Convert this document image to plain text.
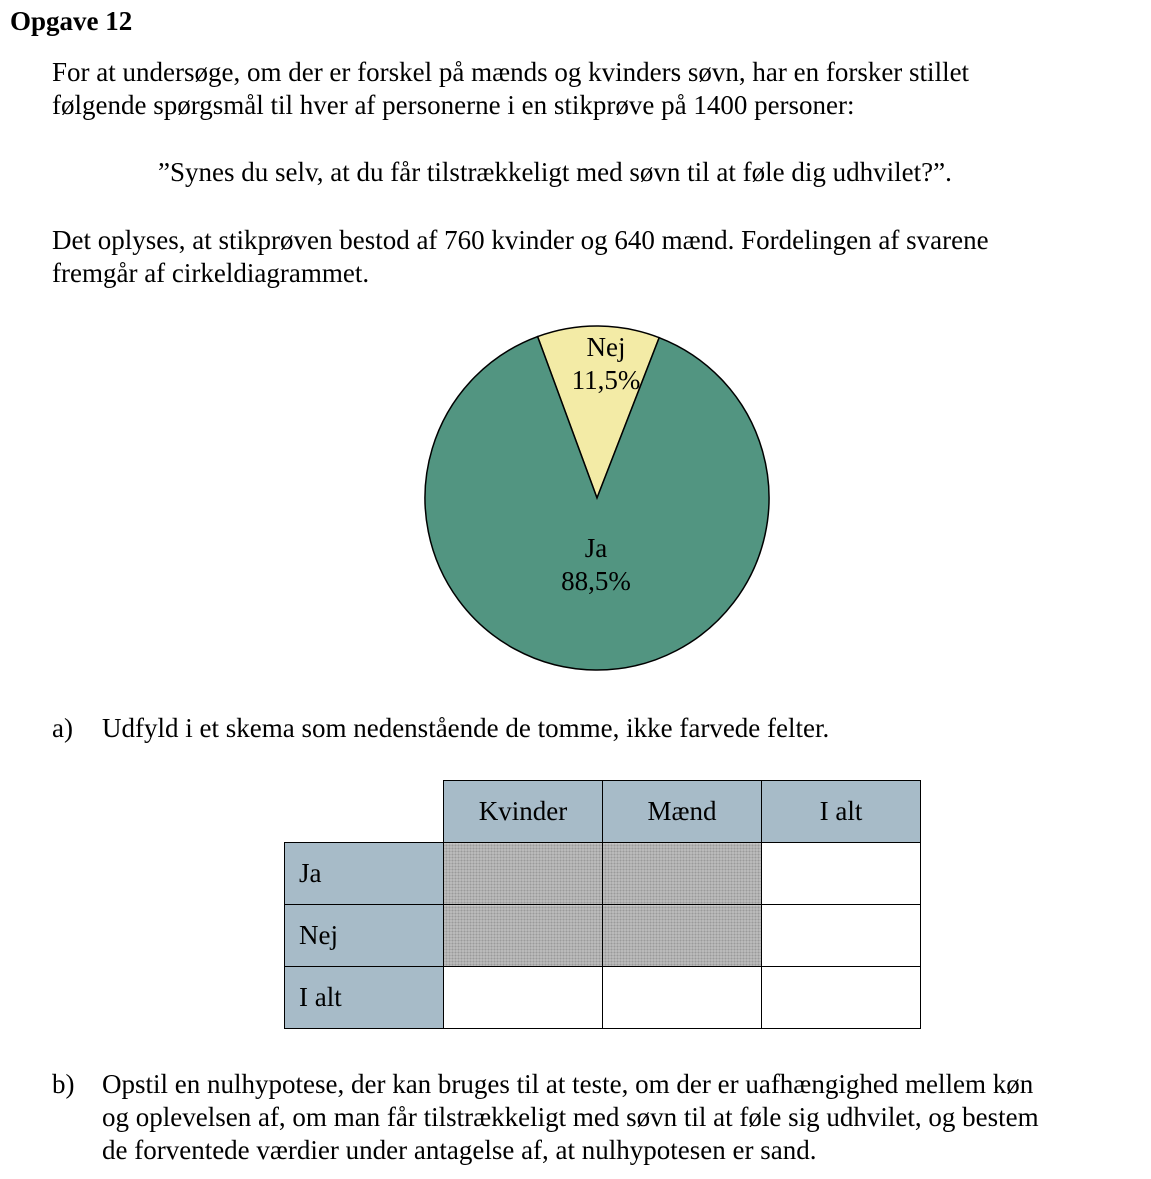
Opgave 12
For at undersøge, om der er forskel på mænds og kvinders søvn, har en forsker stillet
følgende spørgsmål til hver af personerne i en stikprøve på 1400 personer:
”Synes du selv, at du får tilstrækkeligt med søvn til at føle dig udhvilet?”.
Det oplyses, at stikprøven bestod af 760 kvinder og 640 mænd. Fordelingen af svarene
fremgår af cirkeldiagrammet.
Nej
11,5%
Ja
88,5%
a) Udfyld i et skema som nedenstående de tomme, ikke farvede felter.
	Kvinder	Mænd	I alt
Ja			
Nej			
I alt			
b) Opstil en nulhypotese, der kan bruges til at teste, om der er uafhængighed mellem køn
og oplevelsen af, om man får tilstrækkeligt med søvn til at føle sig udhvilet, og bestem
de forventede værdier under antagelse af, at nulhypotesen er sand.
